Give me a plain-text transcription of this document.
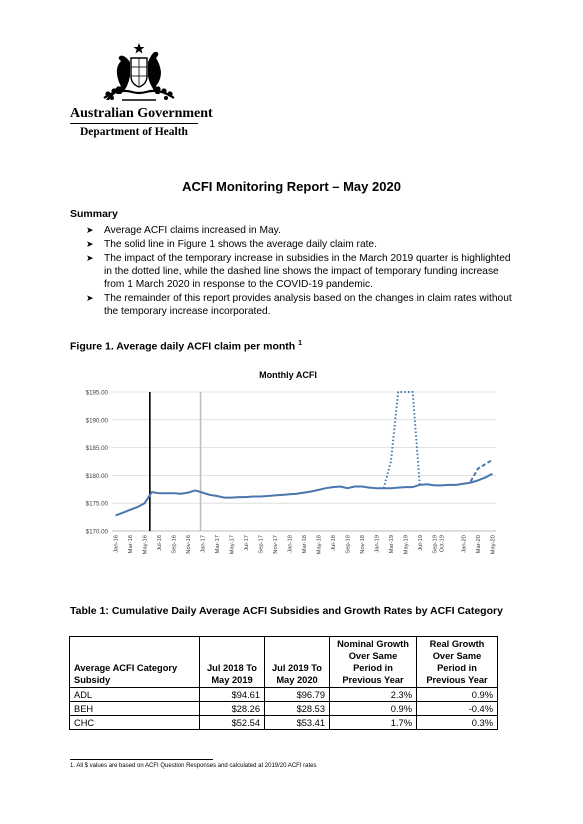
Australian Government
Department of Health
ACFI Monitoring Report – May 2020
Summary
➤ Average ACFI claims increased in May.
➤ The solid line in Figure 1 shows the average daily claim rate.
➤ The impact of the temporary increase in subsidies in the March 2019 quarter is highlighted in the dotted line, while the dashed line shows the impact of temporary funding increase from 1 March 2020 in response to the COVID-19 pandemic.
➤ The remainder of this report provides analysis based on the changes in claim rates without the temporary increase incorporated.
Figure 1. Average daily ACFI claim per month $^1$
Monthly ACFI
$170.00
$175.00
$180.00
$185.00
$190.00
$195.00
Jan-16 Mar-16 May-16 Jul-16 Sep-16 Nov-16 Jan-17 Mar-17 May-17 Jul-17 Sep-17 Nov-17 Jan-18 Mar-18 May-18 Jul-18 Sep-18 Nov-18 Jan-19 Mar-19 May-19 Jul-19 Sep-19 Oct-19	Jan-20 Mar-20 May-20
Table 1: Cumulative Daily Average ACFI Subsidies and Growth Rates by ACFI Category
Average ACFI Category Subsidy	Jul 2018 To May 2019	Jul 2019 To May 2020	Nominal Growth Over Same Period in Previous Year	Real Growth Over Same Period in Previous Year
ADL	$94.61	$96.79	2.3%	0.9%
BEH	$28.26	$28.53	0.9%	-0.4%
CHC	$52.54	$53.41	1.7%	0.3%
1. All $ values are based on ACFI Question Responses and calculated at 2019/20 ACFI rates
